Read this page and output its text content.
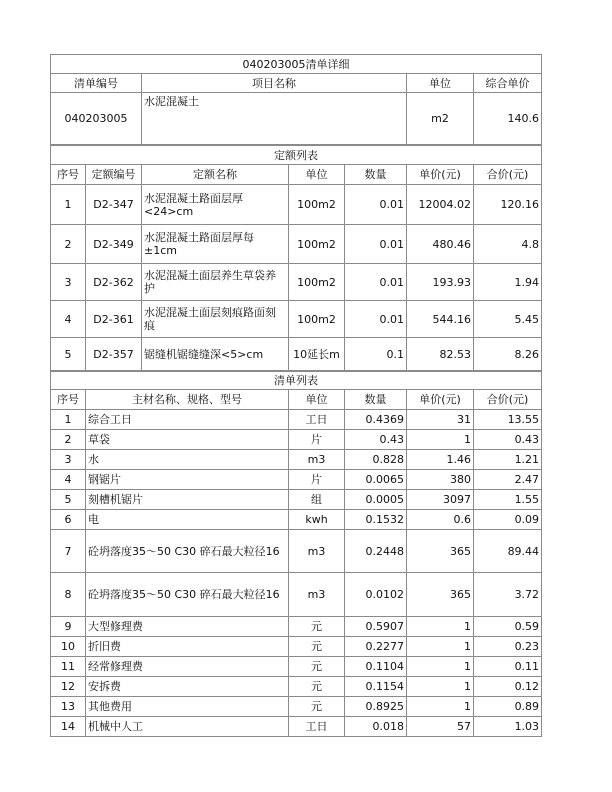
040203005清单详细			
清单编号	项目名称	单位	综合单价
040203005	水泥混凝土	m2	140.6
定额列表						
序号	定额编号	定额名称	单位	数量	单价(元)	合价(元)
1	D2-347	水泥混凝土路面层厚<24>cm	100m2	0.01	12004.02	120.16
2	D2-349	水泥混凝土路面层厚每±1cm	100m2	0.01	480.46	4.8
3	D2-362	水泥混凝土面层养生草袋养护	100m2	0.01	193.93	1.94
4	D2-361	水泥混凝土面层刻痕路面刻痕	100m2	0.01	544.16	5.45
5	D2-357	锯缝机锯缝缝深<5>cm	10延长m	0.1	82.53	8.26
清单列表					
序号	主材名称、规格、型号	单位	数量	单价(元)	合价(元)
1	综合工日	工日	0.4369	31	13.55
2	草袋	片	0.43	1	0.43
3	水	m3	0.828	1.46	1.21
4	钢锯片	片	0.0065	380	2.47
5	刻槽机锯片	组	0.0005	3097	1.55
6	电	kwh	0.1532	0.6	0.09
7	砼坍落度35～50 C30 碎石最大粒径16	m3	0.2448	365	89.44
8	砼坍落度35～50 C30 碎石最大粒径16	m3	0.0102	365	3.72
9	大型修理费	元	0.5907	1	0.59
10	折旧费	元	0.2277	1	0.23
11	经常修理费	元	0.1104	1	0.11
12	安拆费	元	0.1154	1	0.12
13	其他费用	元	0.8925	1	0.89
14	机械中人工	工日	0.018	57	1.03
